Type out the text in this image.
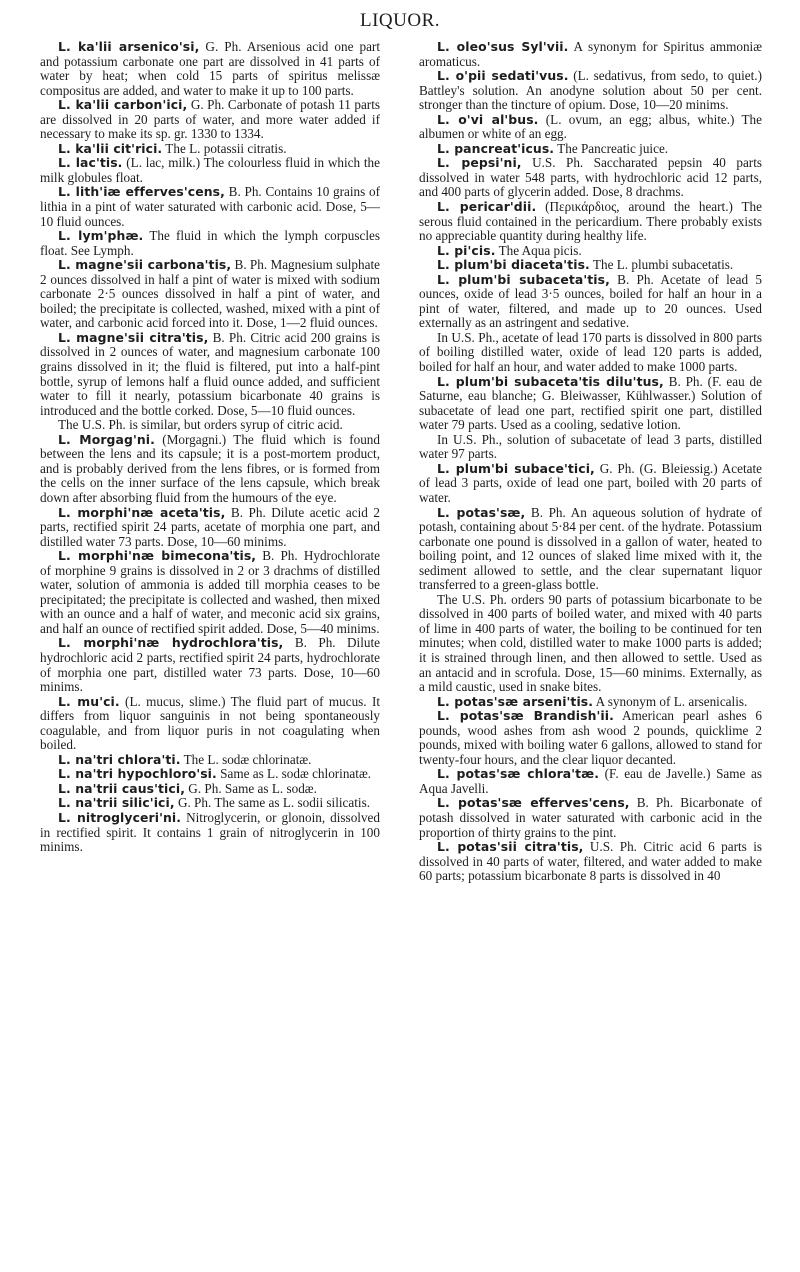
LIQUOR.

L. ka'lii arsenico'si, G. Ph. Arsenious acid one part and potassium carbonate one part are dissolved in 41 parts of water by heat; when cold 15 parts of spiritus melissæ compositus are added, and water to make it up to 100 parts.

L. ka'lii carbon'ici, G. Ph. Carbonate of potash 11 parts are dissolved in 20 parts of water, and more water added if necessary to make its sp. gr. 1330 to 1334.

L. ka'lii cit'rici. The L. potassii citratis.

L. lac'tis. (L. lac, milk.) The colourless fluid in which the milk globules float.

L. lith'iæ efferves'cens, B. Ph. Contains 10 grains of lithia in a pint of water saturated with carbonic acid. Dose, 5—10 fluid ounces.

L. lym'phæ. The fluid in which the lymph corpuscles float. See Lymph.

L. magne'sii carbona'tis, B. Ph. Magnesium sulphate 2 ounces dissolved in half a pint of water is mixed with sodium carbonate 2·5 ounces dissolved in half a pint of water, and boiled; the precipitate is collected, washed, mixed with a pint of water, and carbonic acid forced into it. Dose, 1—2 fluid ounces.

L. magne'sii citra'tis, B. Ph. Citric acid 200 grains is dissolved in 2 ounces of water, and magnesium carbonate 100 grains dissolved in it; the fluid is filtered, put into a half-pint bottle, syrup of lemons half a fluid ounce added, and sufficient water to fill it nearly, potassium bicarbonate 40 grains is introduced and the bottle corked. Dose, 5—10 fluid ounces.

The U.S. Ph. is similar, but orders syrup of citric acid.

L. Morgag'ni. (Morgagni.) The fluid which is found between the lens and its capsule; it is a post-mortem product, and is probably derived from the lens fibres, or is formed from the cells on the inner surface of the lens capsule, which break down after absorbing fluid from the humours of the eye.

L. morphi'næ aceta'tis, B. Ph. Dilute acetic acid 2 parts, rectified spirit 24 parts, acetate of morphia one part, and distilled water 73 parts. Dose, 10—60 minims.

L. morphi'næ bimecona'tis, B. Ph. Hydrochlorate of morphine 9 grains is dissolved in 2 or 3 drachms of distilled water, solution of ammonia is added till morphia ceases to be precipitated; the precipitate is collected and washed, then mixed with an ounce and a half of water, and meconic acid six grains, and half an ounce of rectified spirit added. Dose, 5—40 minims.

L. morphi'næ hydrochlora'tis, B. Ph. Dilute hydrochloric acid 2 parts, rectified spirit 24 parts, hydrochlorate of morphia one part, distilled water 73 parts. Dose, 10—60 minims.

L. mu'ci. (L. mucus, slime.) The fluid part of mucus. It differs from liquor sanguinis in not being spontaneously coagulable, and from liquor puris in not coagulating when boiled.

L. na'tri chlora'ti. The L. sodæ chlorinatæ.

L. na'tri hypochloro'si. Same as L. sodæ chlorinatæ.

L. na'trii caus'tici, G. Ph. Same as L. sodæ.

L. na'trii silic'ici, G. Ph. The same as L. sodii silicatis.

L. nitroglyceri'ni. Nitroglycerin, or glonoin, dissolved in rectified spirit. It contains 1 grain of nitroglycerin in 100 minims.

L. oleo'sus Syl'vii. A synonym for Spiritus ammoniæ aromaticus.

L. o'pii sedati'vus. (L. sedativus, from sedo, to quiet.) Battley's solution. An anodyne solution about 50 per cent. stronger than the tincture of opium. Dose, 10—20 minims.

L. o'vi al'bus. (L. ovum, an egg; albus, white.) The albumen or white of an egg.

L. pancreat'icus. The Pancreatic juice.

L. pepsi'ni, U.S. Ph. Saccharated pepsin 40 parts dissolved in water 548 parts, with hydrochloric acid 12 parts, and 400 parts of glycerin added. Dose, 8 drachms.

L. pericar'dii. (Περικάρδιος, around the heart.) The serous fluid contained in the pericardium. There probably exists no appreciable quantity during healthy life.

L. pi'cis. The Aqua picis.

L. plum'bi diaceta'tis. The L. plumbi subacetatis.

L. plum'bi subaceta'tis, B. Ph. Acetate of lead 5 ounces, oxide of lead 3·5 ounces, boiled for half an hour in a pint of water, filtered, and made up to 20 ounces. Used externally as an astringent and sedative.

In U.S. Ph., acetate of lead 170 parts is dissolved in 800 parts of boiling distilled water, oxide of lead 120 parts is added, boiled for half an hour, and water added to make 1000 parts.

L. plum'bi subaceta'tis dilu'tus, B. Ph. (F. eau de Saturne, eau blanche; G. Bleiwasser, Kühlwasser.) Solution of subacetate of lead one part, rectified spirit one part, distilled water 79 parts. Used as a cooling, sedative lotion.

In U.S. Ph., solution of subacetate of lead 3 parts, distilled water 97 parts.

L. plum'bi subace'tici, G. Ph. (G. Bleiessig.) Acetate of lead 3 parts, oxide of lead one part, boiled with 20 parts of water.

L. potas'sæ, B. Ph. An aqueous solution of hydrate of potash, containing about 5·84 per cent. of the hydrate. Potassium carbonate one pound is dissolved in a gallon of water, heated to boiling point, and 12 ounces of slaked lime mixed with it, the sediment allowed to settle, and the clear supernatant liquor transferred to a green-glass bottle.

The U.S. Ph. orders 90 parts of potassium bicarbonate to be dissolved in 400 parts of boiled water, and mixed with 40 parts of lime in 400 parts of water, the boiling to be continued for ten minutes; when cold, distilled water to make 1000 parts is added; it is strained through linen, and then allowed to settle. Used as an antacid and in scrofula. Dose, 15—60 minims. Externally, as a mild caustic, used in snake bites.

L. potas'sæ arseni'tis. A synonym of L. arsenicalis.

L. potas'sæ Brandish'ii. American pearl ashes 6 pounds, wood ashes from ash wood 2 pounds, quicklime 2 pounds, mixed with boiling water 6 gallons, allowed to stand for twenty-four hours, and the clear liquor decanted.

L. potas'sæ chlora'tæ. (F. eau de Javelle.) Same as Aqua Javelli.

L. potas'sæ efferves'cens, B. Ph. Bicarbonate of potash dissolved in water saturated with carbonic acid in the proportion of thirty grains to the pint.

L. potas'sii citra'tis, U.S. Ph. Citric acid 6 parts is dissolved in 40 parts of water, filtered, and water added to make 60 parts; potassium bicarbonate 8 parts is dissolved in 40
